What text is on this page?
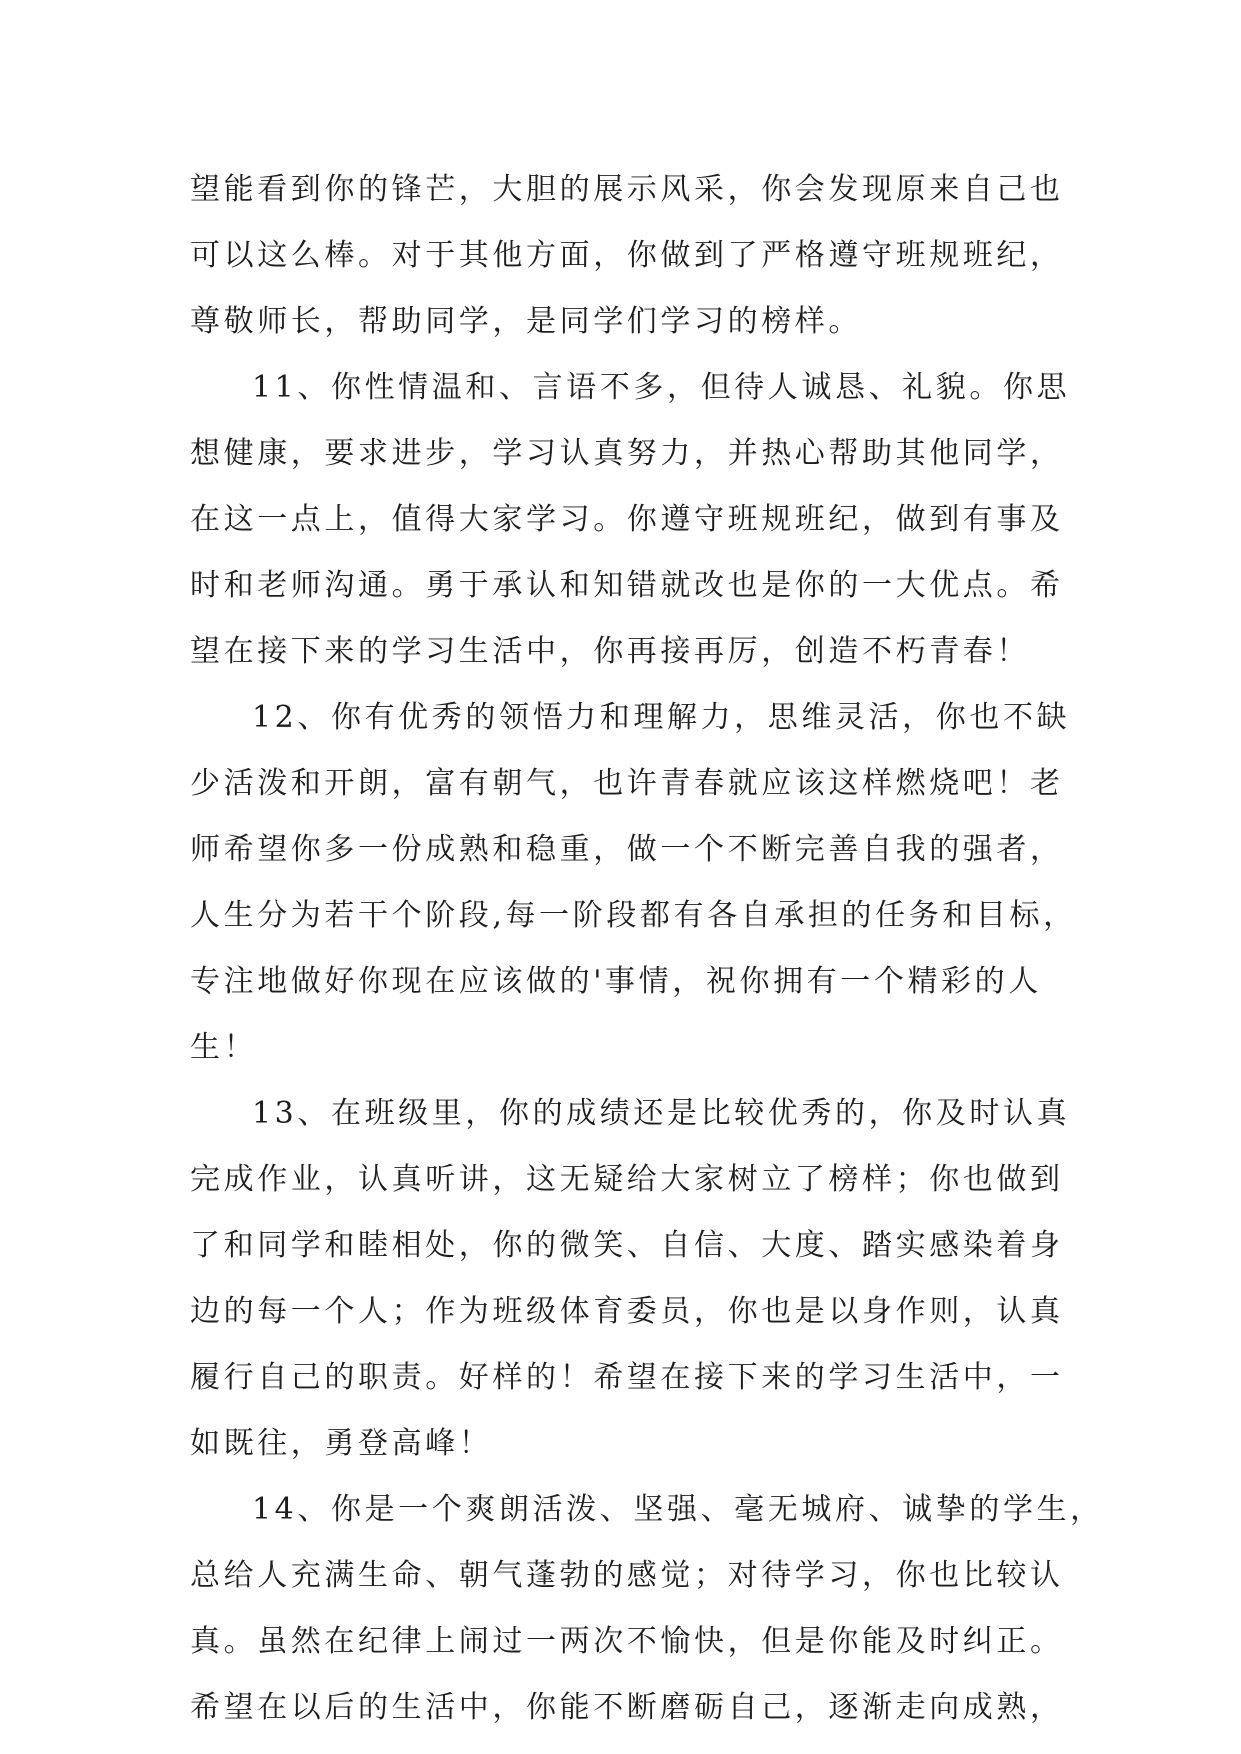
望能看到你的锋芒，大胆的展示风采，你会发现原来自己也
可以这么棒。对于其他方面，你做到了严格遵守班规班纪，
尊敬师长，帮助同学，是同学们学习的榜样。
11、你性情温和、言语不多，但待人诚恳、礼貌。你思
想健康，要求进步，学习认真努力，并热心帮助其他同学，
在这一点上，值得大家学习。你遵守班规班纪，做到有事及
时和老师沟通。勇于承认和知错就改也是你的一大优点。希
望在接下来的学习生活中，你再接再厉，创造不朽青春！
12、你有优秀的领悟力和理解力，思维灵活，你也不缺
少活泼和开朗，富有朝气，也许青春就应该这样燃烧吧！老
师希望你多一份成熟和稳重，做一个不断完善自我的强者，
人生分为若干个阶段,每一阶段都有各自承担的任务和目标，
专注地做好你现在应该做的'事情，祝你拥有一个精彩的人
生！
13、在班级里，你的成绩还是比较优秀的，你及时认真
完成作业，认真听讲，这无疑给大家树立了榜样；你也做到
了和同学和睦相处，你的微笑、自信、大度、踏实感染着身
边的每一个人；作为班级体育委员，你也是以身作则，认真
履行自己的职责。好样的！希望在接下来的学习生活中，一
如既往，勇登高峰！
14、你是一个爽朗活泼、坚强、毫无城府、诚挚的学生，
总给人充满生命、朝气蓬勃的感觉；对待学习，你也比较认
真。虽然在纪律上闹过一两次不愉快，但是你能及时纠正。
希望在以后的生活中，你能不断磨砺自己，逐渐走向成熟，
